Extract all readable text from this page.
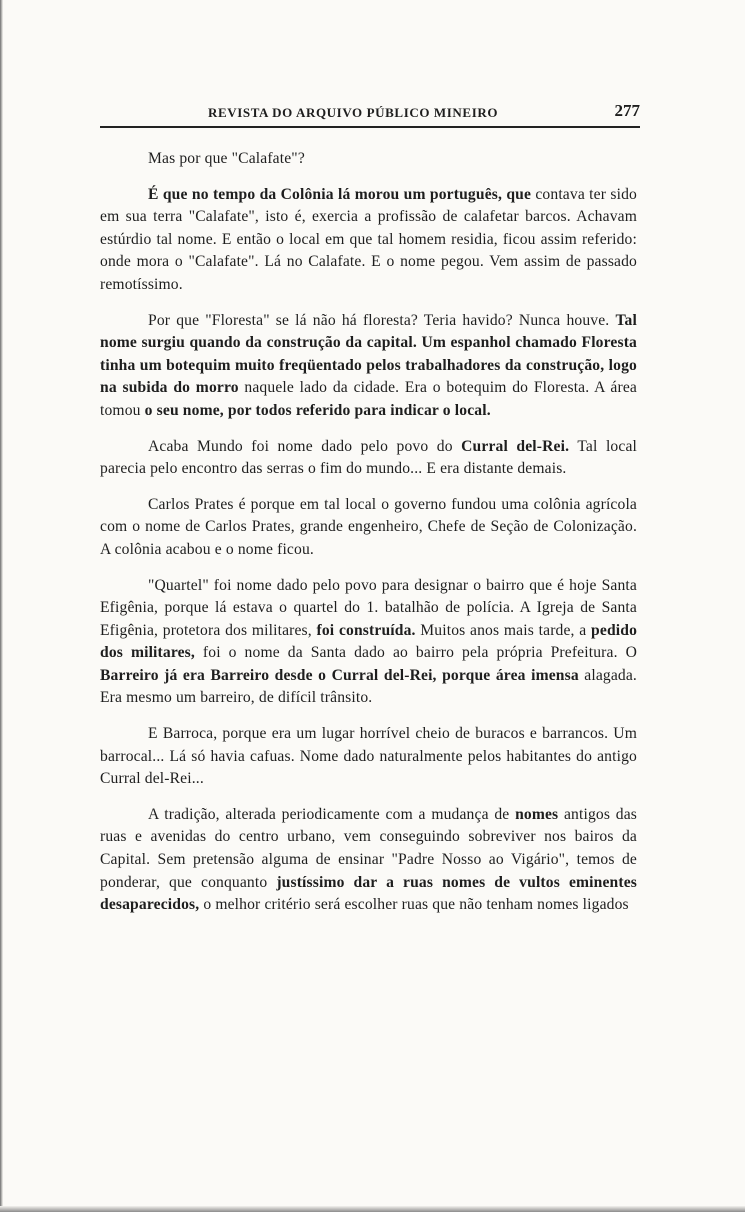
REVISTA DO ARQUIVO PÚBLICO MINEIRO	277

Mas por que "Calafate"?

É que no tempo da Colônia lá morou um português, que contava ter sido em sua terra "Calafate", isto é, exercia a profissão de calafetar barcos. Achavam estúrdio tal nome. E então o local em que tal homem residia, ficou assim referido: onde mora o "Calafate". Lá no Calafate. E o nome pegou. Vem assim de passado remotíssimo.

Por que "Floresta" se lá não há floresta? Teria havido? Nunca houve. Tal nome surgiu quando da construção da capital. Um espanhol chamado Floresta tinha um botequim muito freqüentado pelos trabalhadores da construção, logo na subida do morro naquele lado da cidade. Era o botequim do Floresta. A área tomou o seu nome, por todos referido para indicar o local.

Acaba Mundo foi nome dado pelo povo do Curral del-Rei. Tal local parecia pelo encontro das serras o fim do mundo... E era distante demais.

Carlos Prates é porque em tal local o governo fundou uma colônia agrícola com o nome de Carlos Prates, grande engenheiro, Chefe de Seção de Colonização. A colônia acabou e o nome ficou.

"Quartel" foi nome dado pelo povo para designar o bairro que é hoje Santa Efigênia, porque lá estava o quartel do 1. batalhão de polícia. A Igreja de Santa Efigênia, protetora dos militares, foi construída. Muitos anos mais tarde, a pedido dos militares, foi o nome da Santa dado ao bairro pela própria Prefeitura. O Barreiro já era Barreiro desde o Curral del-Rei, porque área imensa alagada. Era mesmo um barreiro, de difícil trânsito.

E Barroca, porque era um lugar horrível cheio de buracos e barrancos. Um barrocal... Lá só havia cafuas. Nome dado naturalmente pelos habitantes do antigo Curral del-Rei...

A tradição, alterada periodicamente com a mudança de nomes antigos das ruas e avenidas do centro urbano, vem conseguindo sobreviver nos bairos da Capital. Sem pretensão alguma de ensinar "Padre Nosso ao Vigário", temos de ponderar, que conquanto justíssimo dar a ruas nomes de vultos eminentes desaparecidos, o melhor critério será escolher ruas que não tenham nomes ligados
